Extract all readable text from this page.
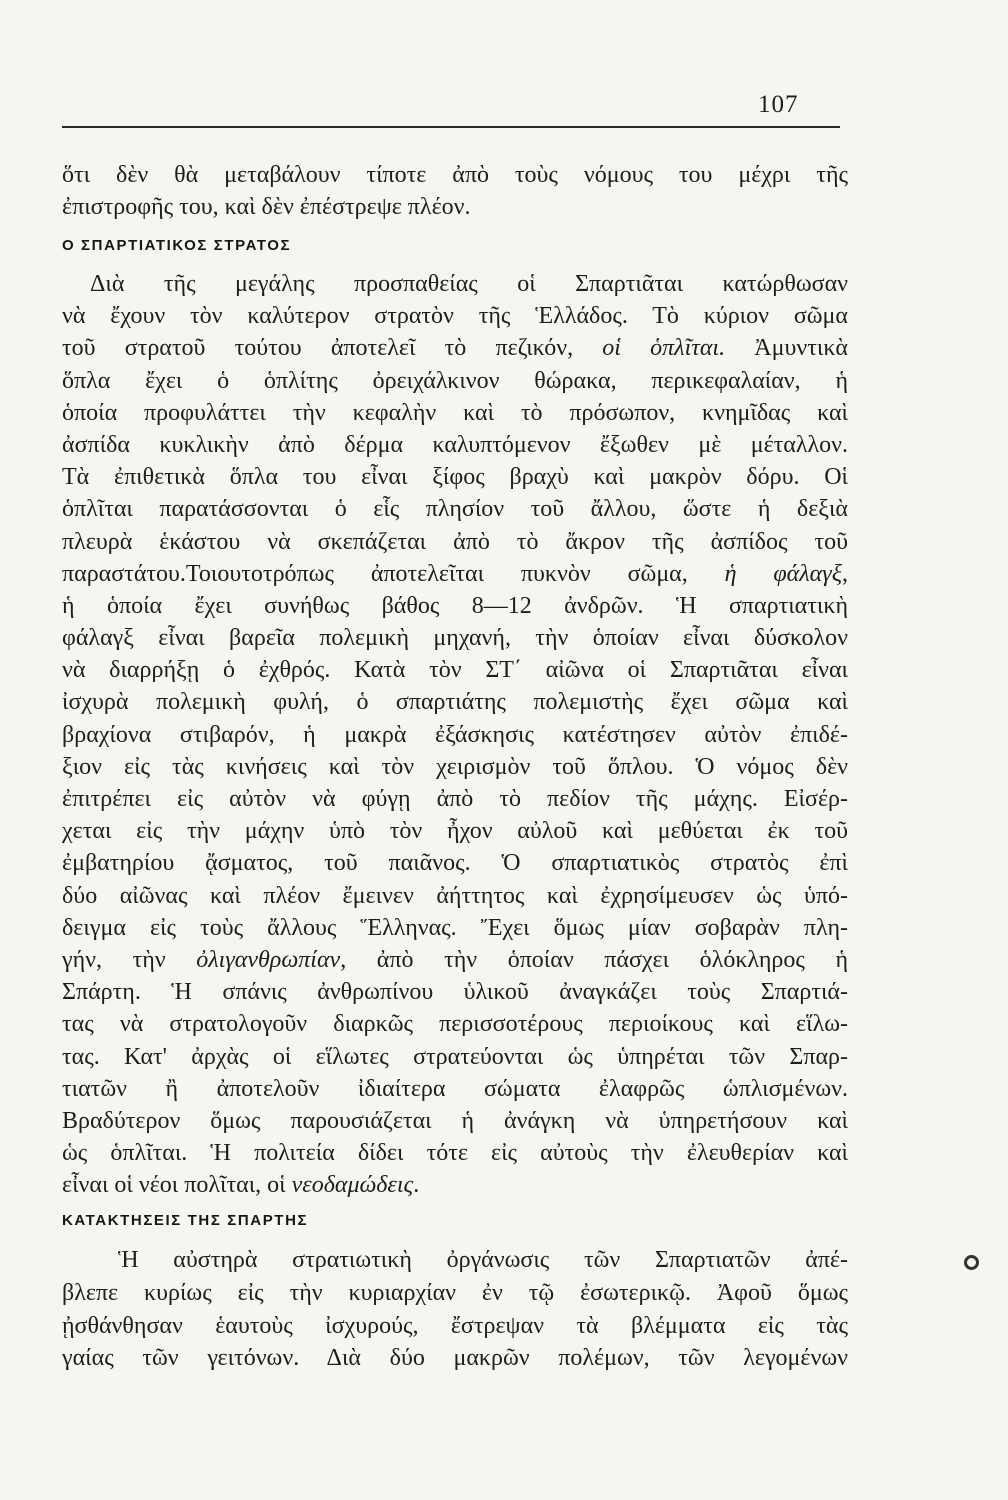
107
ὅτι δὲν θὰ μεταβάλουν τίποτε ἀπὸ τοὺς νόμους του μέχρι τῆς
ἐπιστροφῆς του, καὶ δὲν ἐπέστρεψε πλέον.
Ο ΣΠΑΡΤΙΑΤΙΚΟΣ ΣΤΡΑΤΟΣ
Διὰ τῆς μεγάλης προσπαθείας οἱ Σπαρτιᾶται κατώρθωσαν
νὰ ἔχουν τὸν καλύτερον στρατὸν τῆς Ἑλλάδος. Τὸ κύριον σῶμα
τοῦ στρατοῦ τούτου ἀποτελεῖ τὸ πεζικόν, οἱ ὁπλῖται. Ἀμυντικὰ
ὅπλα ἔχει ὁ ὁπλίτης ὀρειχάλκινον θώρακα, περικεφαλαίαν, ἡ
ὁποία προφυλάττει τὴν κεφαλὴν καὶ τὸ πρόσωπον, κνημῖδας καὶ
ἀσπίδα κυκλικὴν ἀπὸ δέρμα καλυπτόμενον ἔξωθεν μὲ μέταλλον.
Τὰ ἐπιθετικὰ ὅπλα του εἶναι ξίφος βραχὺ καὶ μακρὸν δόρυ. Οἱ
ὁπλῖται παρατάσσονται ὁ εἷς πλησίον τοῦ ἄλλου, ὥστε ἡ δεξιὰ
πλευρὰ ἑκάστου νὰ σκεπάζεται ἀπὸ τὸ ἄκρον τῆς ἀσπίδος τοῦ
παραστάτου.Τοιουτοτρόπως ἀποτελεῖται πυκνὸν σῶμα, ἡ φάλαγξ,
ἡ ὁποία ἔχει συνήθως βάθος 8—12 ἀνδρῶν. Ἡ σπαρτιατικὴ
φάλαγξ εἶναι βαρεῖα πολεμικὴ μηχανή, τὴν ὁποίαν εἶναι δύσκολον
νὰ διαρρήξῃ ὁ ἐχθρός. Κατὰ τὸν ΣΤ΄ αἰῶνα οἱ Σπαρτιᾶται εἶναι
ἰσχυρὰ πολεμικὴ φυλή, ὁ σπαρτιάτης πολεμιστὴς ἔχει σῶμα καὶ
βραχίονα στιβαρόν, ἡ μακρὰ ἐξάσκησις κατέστησεν αὐτὸν ἐπιδέ-
ξιον εἰς τὰς κινήσεις καὶ τὸν χειρισμὸν τοῦ ὅπλου. Ὁ νόμος δὲν
ἐπιτρέπει εἰς αὐτὸν νὰ φύγῃ ἀπὸ τὸ πεδίον τῆς μάχης. Εἰσέρ-
χεται εἰς τὴν μάχην ὑπὸ τὸν ἦχον αὐλοῦ καὶ μεθύεται ἐκ τοῦ
ἐμβατηρίου ᾄσματος, τοῦ παιᾶνος. Ὁ σπαρτιατικὸς στρατὸς ἐπὶ
δύο αἰῶνας καὶ πλέον ἔμεινεν ἀήττητος καὶ ἐχρησίμευσεν ὡς ὑπό-
δειγμα εἰς τοὺς ἄλλους Ἕλληνας. Ἔχει ὅμως μίαν σοβαρὰν πλη-
γήν, τὴν ὀλιγανθρωπίαν, ἀπὸ τὴν ὁποίαν πάσχει ὁλόκληρος ἡ
Σπάρτη. Ἡ σπάνις ἀνθρωπίνου ὑλικοῦ ἀναγκάζει τοὺς Σπαρτιά-
τας νὰ στρατολογοῦν διαρκῶς περισσοτέρους περιοίκους καὶ εἵλω-
τας. Κατ' ἀρχὰς οἱ εἵλωτες στρατεύονται ὡς ὑπηρέται τῶν Σπαρ-
τιατῶν ἢ ἀποτελοῦν ἰδιαίτερα σώματα ἐλαφρῶς ὡπλισμένων.
Βραδύτερον ὅμως παρουσιάζεται ἡ ἀνάγκη νὰ ὑπηρετήσουν καὶ
ὡς ὁπλῖται. Ἡ πολιτεία δίδει τότε εἰς αὐτοὺς τὴν ἐλευθερίαν καὶ
εἶναι οἱ νέοι πολῖται, οἱ νεοδαμώδεις.
ΚΑΤΑΚΤΗΣΕΙΣ ΤΗΣ ΣΠΑΡΤΗΣ
Ἡ αὐστηρὰ στρατιωτικὴ ὀργάνωσις τῶν Σπαρτιατῶν ἀπέ-
βλεπε κυρίως εἰς τὴν κυριαρχίαν ἐν τῷ ἐσωτερικῷ. Ἀφοῦ ὅμως
ᾐσθάνθησαν ἑαυτοὺς ἰσχυρούς, ἔστρεψαν τὰ βλέμματα εἰς τὰς
γαίας τῶν γειτόνων. Διὰ δύο μακρῶν πολέμων, τῶν λεγομένων
